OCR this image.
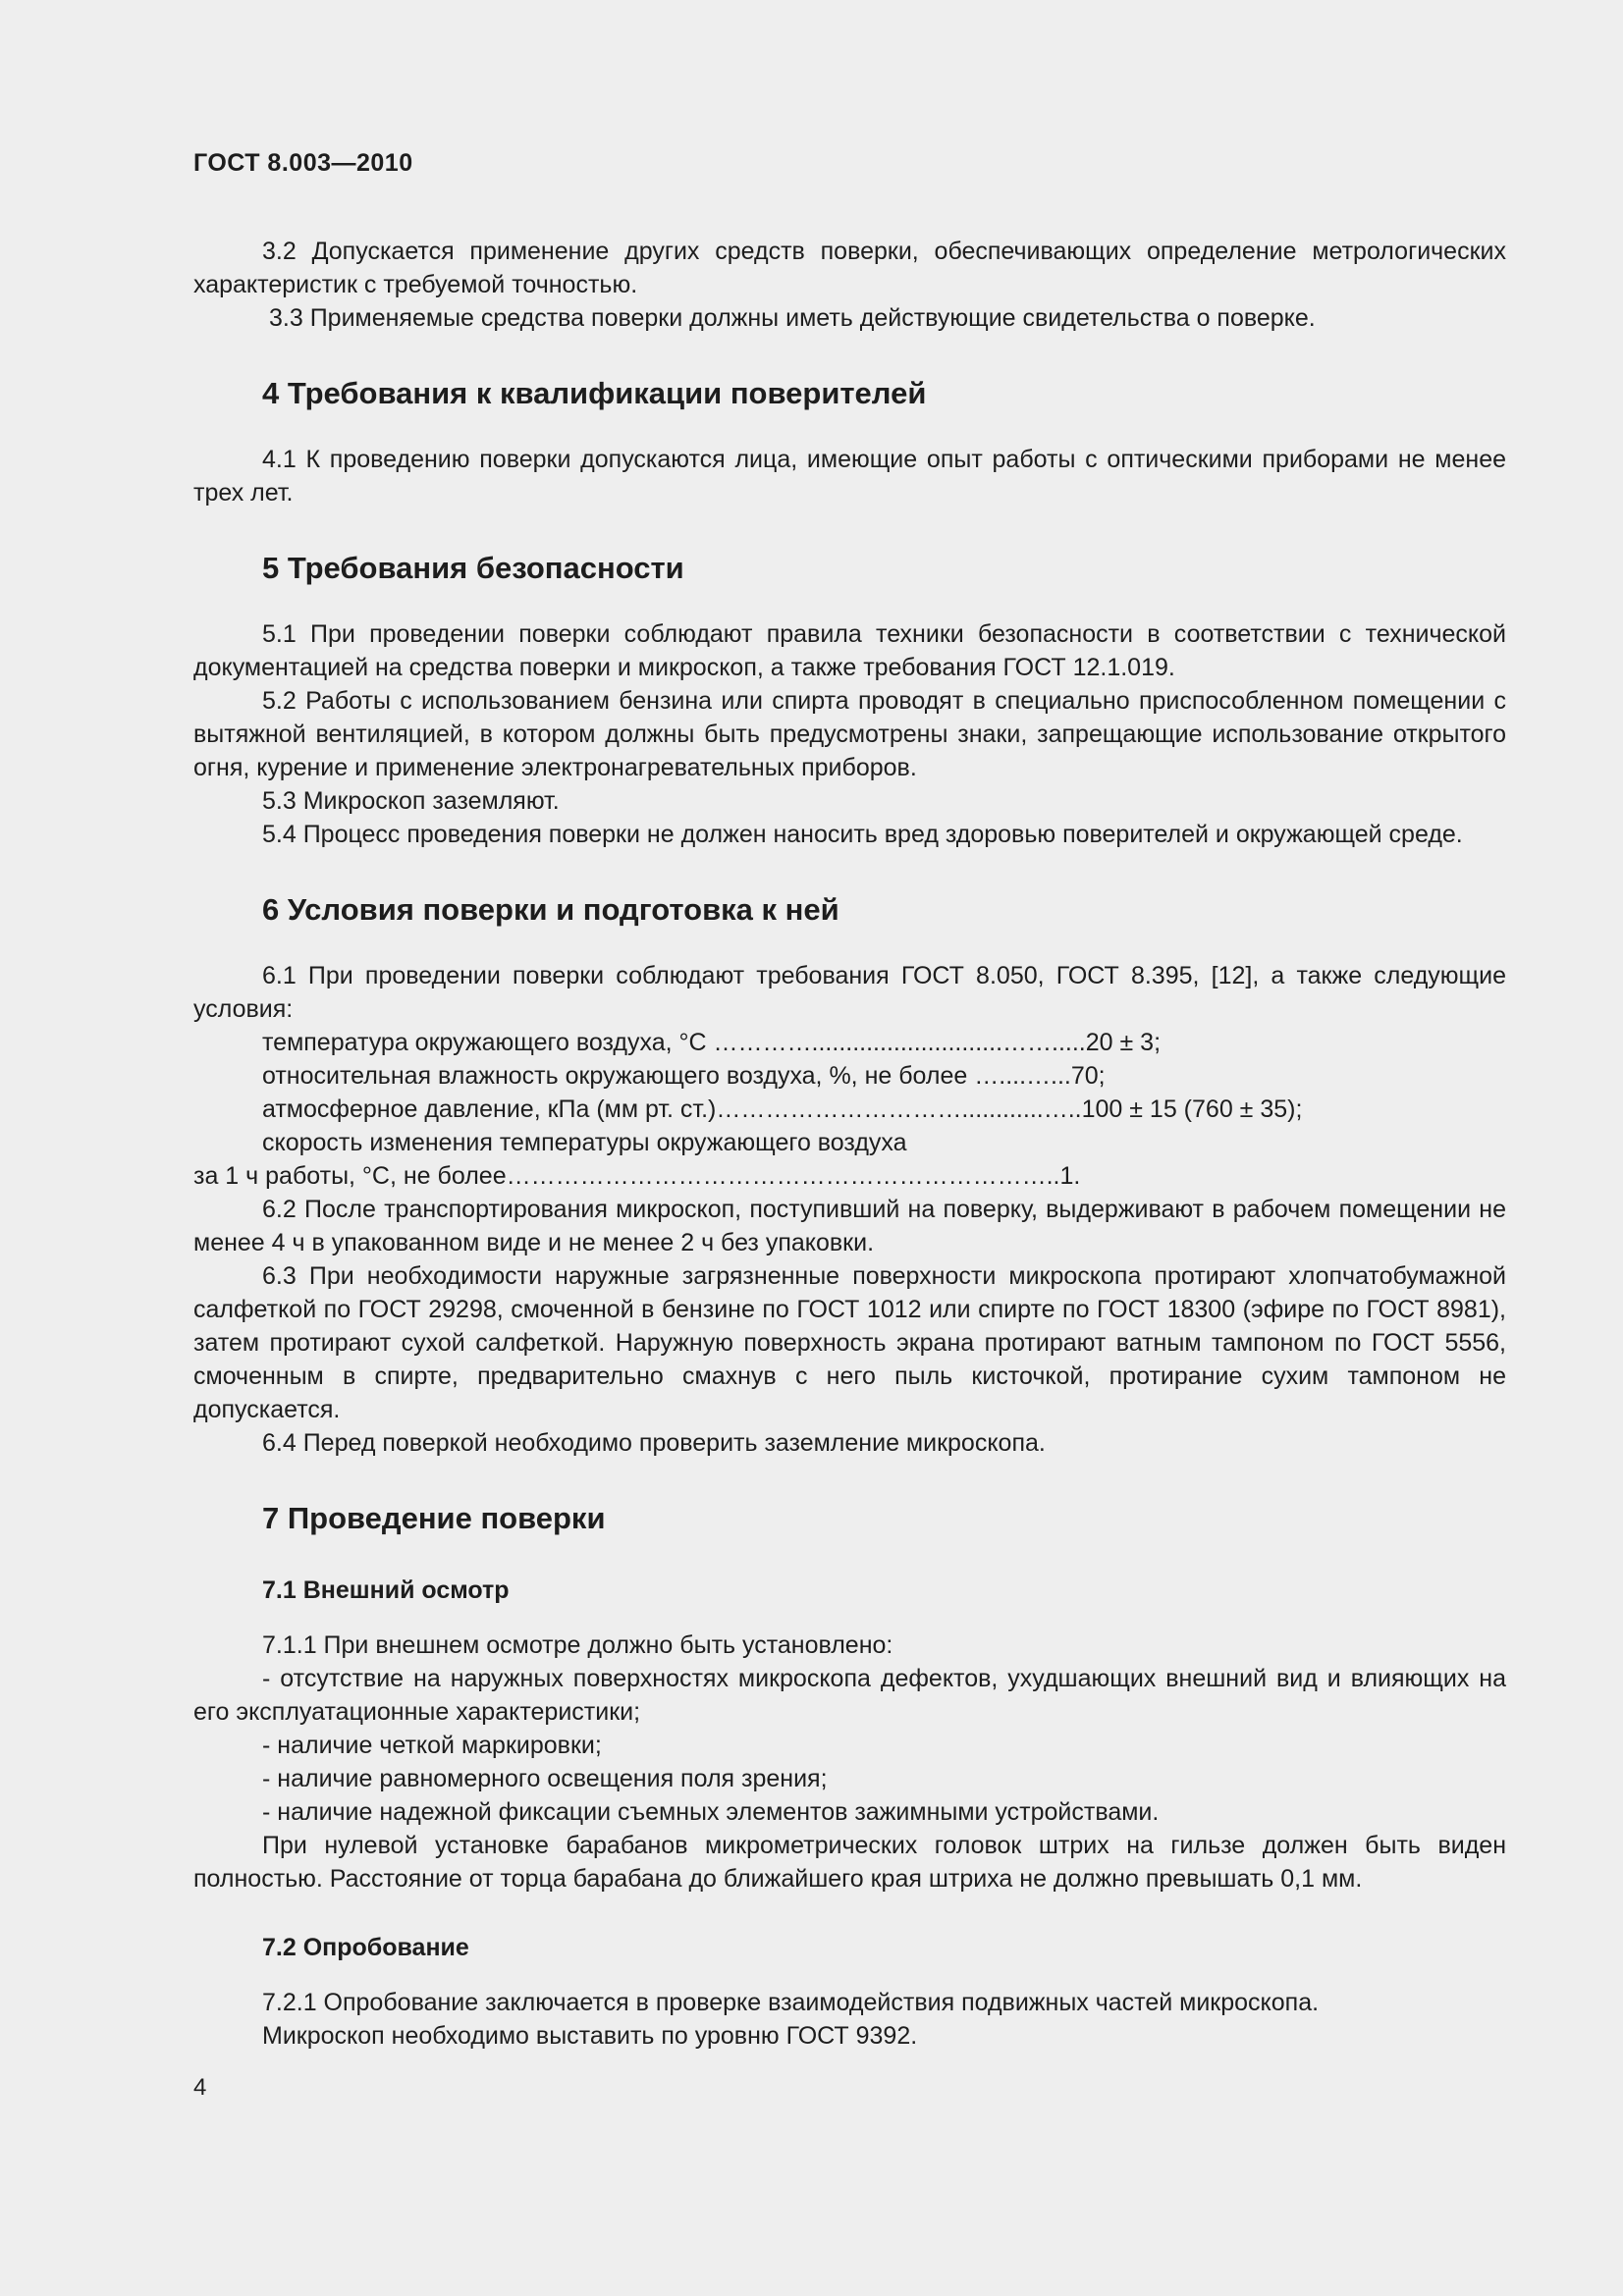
ГОСТ 8.003—2010

3.2 Допускается применение других средств поверки, обеспечивающих определение метрологических характеристик с требуемой точностью.

3.3 Применяемые средства поверки должны иметь действующие свидетельства о поверке.

4 Требования к квалификации поверителей

4.1 К проведению поверки допускаются лица, имеющие опыт работы с оптическими приборами не менее трех лет.

5 Требования безопасности

5.1 При проведении поверки соблюдают правила техники безопасности в соответствии с технической документацией на средства поверки и микроскоп, а также требования ГОСТ 12.1.019.

5.2 Работы с использованием бензина или спирта проводят в специально приспособленном помещении с вытяжной вентиляцией, в котором должны быть предусмотрены знаки, запрещающие использование открытого огня, курение и применение электронагревательных приборов.

5.3 Микроскоп заземляют.

5.4 Процесс проведения поверки не должен наносить вред здоровью поверителей и окружающей среде.

6 Условия поверки и подготовка к ней

6.1 При проведении поверки соблюдают требования ГОСТ 8.050, ГОСТ 8.395, [12], а также следующие условия:

температура окружающего воздуха, °С …………............................…….....20 ± 3;

относительная влажность окружающего воздуха, %, не более …....…...70;

атмосферное давление, кПа (мм рт. ст.)…………………………............…..100 ± 15 (760 ± 35);

скорость изменения температуры окружающего воздуха

за 1 ч работы, °С, не более…………………………………………………………..1.

6.2 После транспортирования микроскоп, поступивший на поверку, выдерживают в рабочем помещении не менее 4 ч в упакованном виде и не менее 2 ч без упаковки.

6.3 При необходимости наружные загрязненные поверхности микроскопа протирают хлопчатобумажной салфеткой по ГОСТ 29298, смоченной в бензине по ГОСТ 1012 или спирте по ГОСТ 18300 (эфире по ГОСТ 8981), затем протирают сухой салфеткой. Наружную поверхность экрана протирают ватным тампоном по ГОСТ 5556, смоченным в спирте, предварительно смахнув с него пыль кисточкой, протирание сухим тампоном не допускается.

6.4 Перед поверкой необходимо проверить заземление микроскопа.

7 Проведение поверки
7.1 Внешний осмотр

7.1.1 При внешнем осмотре должно быть установлено:

- отсутствие на наружных поверхностях микроскопа дефектов, ухудшающих внешний вид и влияющих на его эксплуатационные характеристики;

- наличие четкой маркировки;

- наличие равномерного освещения поля зрения;

- наличие надежной фиксации съемных элементов зажимными устройствами.

При нулевой установке барабанов микрометрических головок штрих на гильзе должен быть виден полностью. Расстояние от торца барабана до ближайшего края штриха не должно превышать 0,1 мм.

7.2 Опробование

7.2.1 Опробование заключается в проверке взаимодействия подвижных частей микроскопа.

Микроскоп необходимо выставить по уровню ГОСТ 9392.

4
